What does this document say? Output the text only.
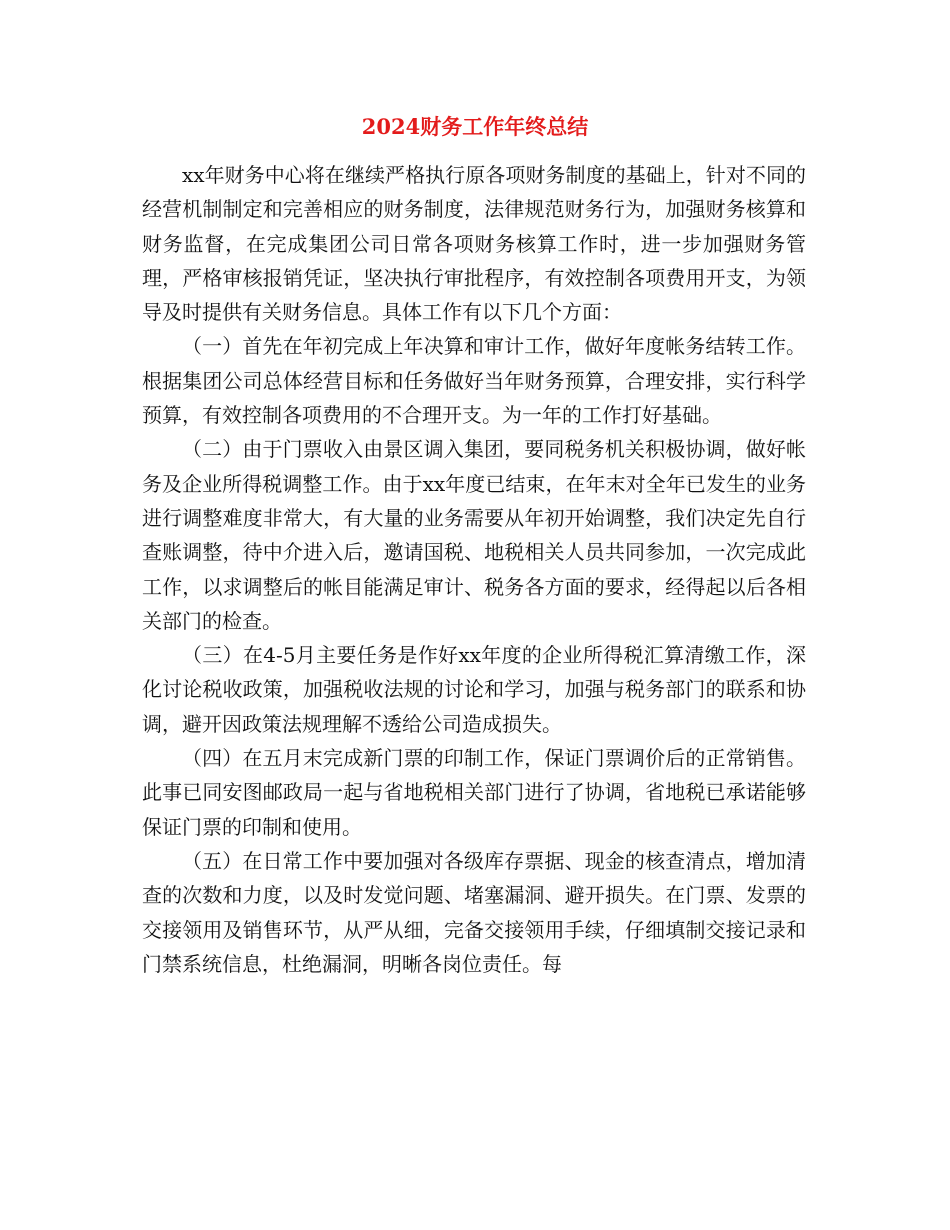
2024财务工作年终总结

xx年财务中心将在继续严格执行原各项财务制度的基础上，针对不同的经营机制制定和完善相应的财务制度，法律规范财务行为，加强财务核算和财务监督，在完成集团公司日常各项财务核算工作时，进一步加强财务管理，严格审核报销凭证，坚决执行审批程序，有效控制各项费用开支，为领导及时提供有关财务信息。具体工作有以下几个方面：

（一）首先在年初完成上年决算和审计工作，做好年度帐务结转工作。根据集团公司总体经营目标和任务做好当年财务预算，合理安排，实行科学预算，有效控制各项费用的不合理开支。为一年的工作打好基础。

（二）由于门票收入由景区调入集团，要同税务机关积极协调，做好帐务及企业所得税调整工作。由于xx年度已结束，在年末对全年已发生的业务进行调整难度非常大，有大量的业务需要从年初开始调整，我们决定先自行查账调整，待中介进入后，邀请国税、地税相关人员共同参加，一次完成此工作，以求调整后的帐目能满足审计、税务各方面的要求，经得起以后各相关部门的检查。

（三）在4-5月主要任务是作好xx年度的企业所得税汇算清缴工作，深化讨论税收政策，加强税收法规的讨论和学习，加强与税务部门的联系和协调，避开因政策法规理解不透给公司造成损失。

（四）在五月末完成新门票的印制工作，保证门票调价后的正常销售。此事已同安图邮政局一起与省地税相关部门进行了协调，省地税已承诺能够保证门票的印制和使用。

（五）在日常工作中要加强对各级库存票据、现金的核查清点，增加清查的次数和力度，以及时发觉问题、堵塞漏洞、避开损失。在门票、发票的交接领用及销售环节，从严从细，完备交接领用手续，仔细填制交接记录和门禁系统信息，杜绝漏洞，明晰各岗位责任。每
